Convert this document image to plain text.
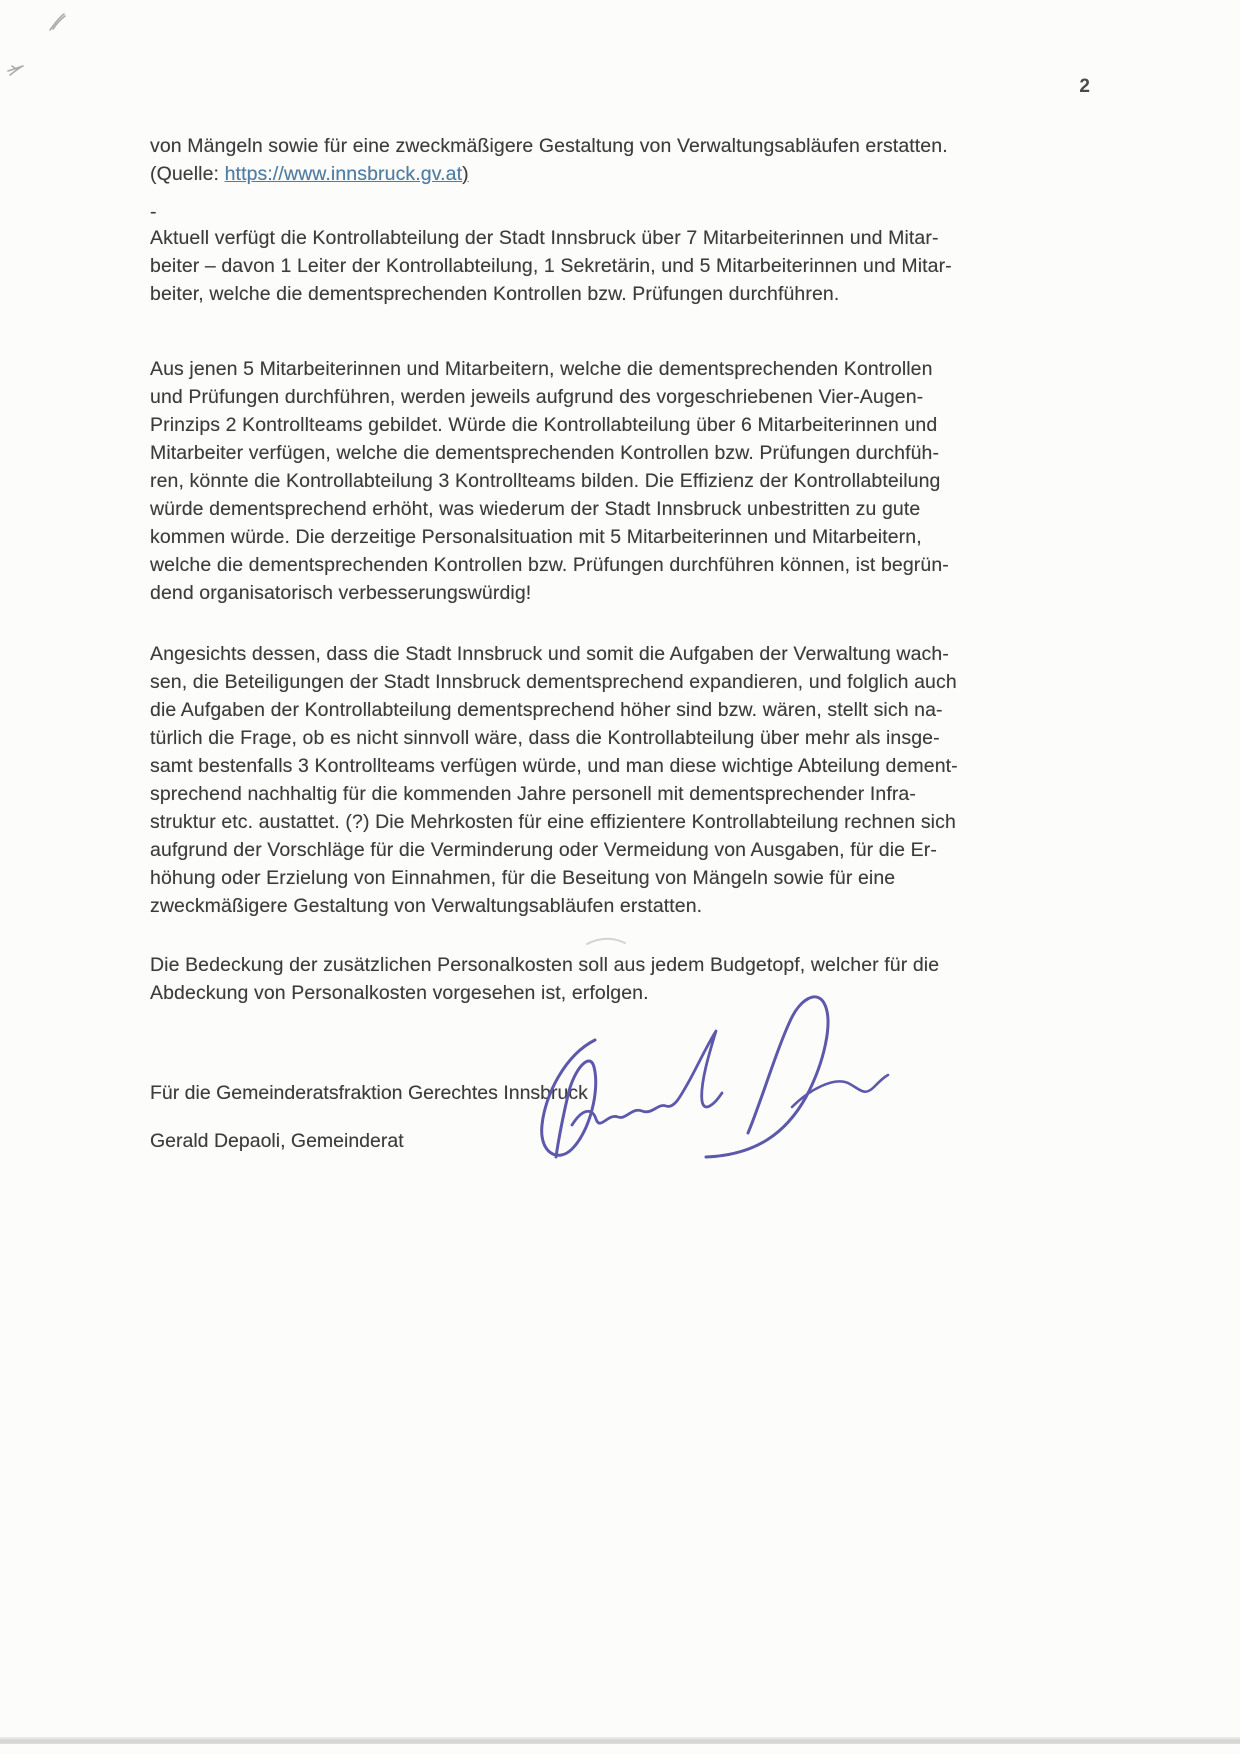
2
von Mängeln sowie für eine zweckmäßigere Gestaltung von Verwaltungsabläufen erstatten.
(Quelle: https://www.innsbruck.gv.at)
-
Aktuell verfügt die Kontrollabteilung der Stadt Innsbruck über 7 Mitarbeiterinnen und Mitar-
beiter – davon 1 Leiter der Kontrollabteilung, 1 Sekretärin, und 5 Mitarbeiterinnen und Mitar-
beiter, welche die dementsprechenden Kontrollen bzw. Prüfungen durchführen.
Aus jenen 5 Mitarbeiterinnen und Mitarbeitern, welche die dementsprechenden Kontrollen
und Prüfungen durchführen, werden jeweils aufgrund des vorgeschriebenen Vier-Augen-
Prinzips 2 Kontrollteams gebildet. Würde die Kontrollabteilung über 6 Mitarbeiterinnen und
Mitarbeiter verfügen, welche die dementsprechenden Kontrollen bzw. Prüfungen durchfüh-
ren, könnte die Kontrollabteilung 3 Kontrollteams bilden. Die Effizienz der Kontrollabteilung
würde dementsprechend erhöht, was wiederum der Stadt Innsbruck unbestritten zu gute
kommen würde. Die derzeitige Personalsituation mit 5 Mitarbeiterinnen und Mitarbeitern,
welche die dementsprechenden Kontrollen bzw. Prüfungen durchführen können, ist begrün-
dend organisatorisch verbesserungswürdig!
Angesichts dessen, dass die Stadt Innsbruck und somit die Aufgaben der Verwaltung wach-
sen, die Beteiligungen der Stadt Innsbruck dementsprechend expandieren, und folglich auch
die Aufgaben der Kontrollabteilung dementsprechend höher sind bzw. wären, stellt sich na-
türlich die Frage, ob es nicht sinnvoll wäre, dass die Kontrollabteilung über mehr als insge-
samt bestenfalls 3 Kontrollteams verfügen würde, und man diese wichtige Abteilung dement-
sprechend nachhaltig für die kommenden Jahre personell mit dementsprechender Infra-
struktur etc. austattet. (?) Die Mehrkosten für eine effizientere Kontrollabteilung rechnen sich
aufgrund der Vorschläge für die Verminderung oder Vermeidung von Ausgaben, für die Er-
höhung oder Erzielung von Einnahmen, für die Beseitung von Mängeln sowie für eine
zweckmäßigere Gestaltung von Verwaltungsabläufen erstatten.
Die Bedeckung der zusätzlichen Personalkosten soll aus jedem Budgetopf, welcher für die
Abdeckung von Personalkosten vorgesehen ist, erfolgen.
Für die Gemeinderatsfraktion Gerechtes Innsbruck
Gerald Depaoli, Gemeinderat
